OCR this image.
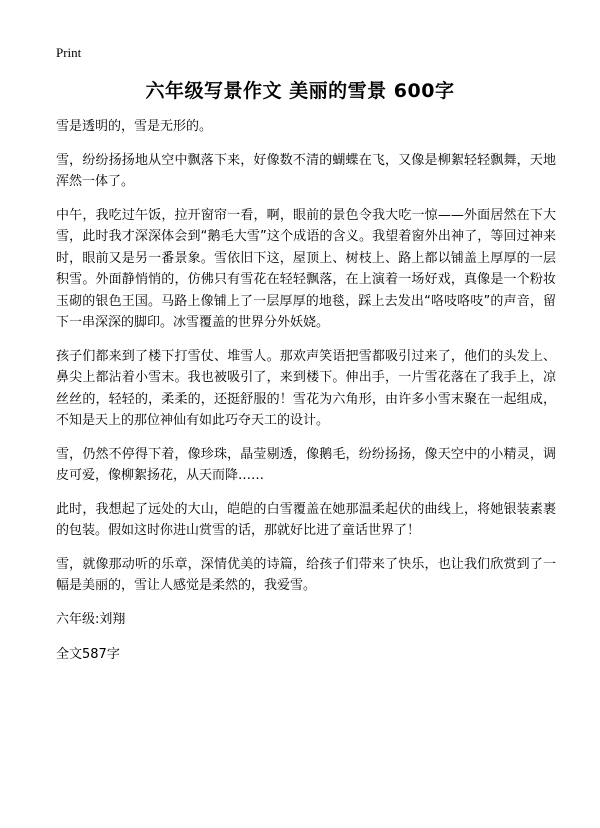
Print
六年级写景作文 美丽的雪景 600字

雪是透明的，雪是无形的。

雪，纷纷扬扬地从空中飘落下来，好像数不清的蝴蝶在飞，又像是柳絮轻轻飘舞，天地浑然一体了。

中午，我吃过午饭，拉开窗帘一看，啊，眼前的景色令我大吃一惊——外面居然在下大雪，此时我才深深体会到“鹅毛大雪”这个成语的含义。我望着窗外出神了，等回过神来时，眼前又是另一番景象。雪依旧下这，屋顶上、树枝上、路上都以铺盖上厚厚的一层积雪。外面静悄悄的，仿佛只有雪花在轻轻飘落，在上演着一场好戏，真像是一个粉妆玉砌的银色王国。马路上像铺上了一层厚厚的地毯，踩上去发出“咯吱咯吱”的声音，留下一串深深的脚印。冰雪覆盖的世界分外妖娆。

孩子们都来到了楼下打雪仗、堆雪人。那欢声笑语把雪都吸引过来了，他们的头发上、鼻尖上都沾着小雪末。我也被吸引了，来到楼下。伸出手，一片雪花落在了我手上，凉丝丝的，轻轻的，柔柔的，还挺舒服的！雪花为六角形，由许多小雪末聚在一起组成，不知是天上的那位神仙有如此巧夺天工的设计。

雪，仍然不停得下着，像珍珠，晶莹剔透，像鹅毛，纷纷扬扬，像天空中的小精灵，调皮可爱，像柳絮扬花，从天而降……

此时，我想起了远处的大山，皑皑的白雪覆盖在她那温柔起伏的曲线上，将她银装素裹的包装。假如这时你进山赏雪的话，那就好比进了童话世界了！

雪，就像那动听的乐章，深情优美的诗篇，给孩子们带来了快乐，也让我们欣赏到了一幅是美丽的，雪让人感觉是柔然的，我爱雪。

六年级:刘翔

全文587字
